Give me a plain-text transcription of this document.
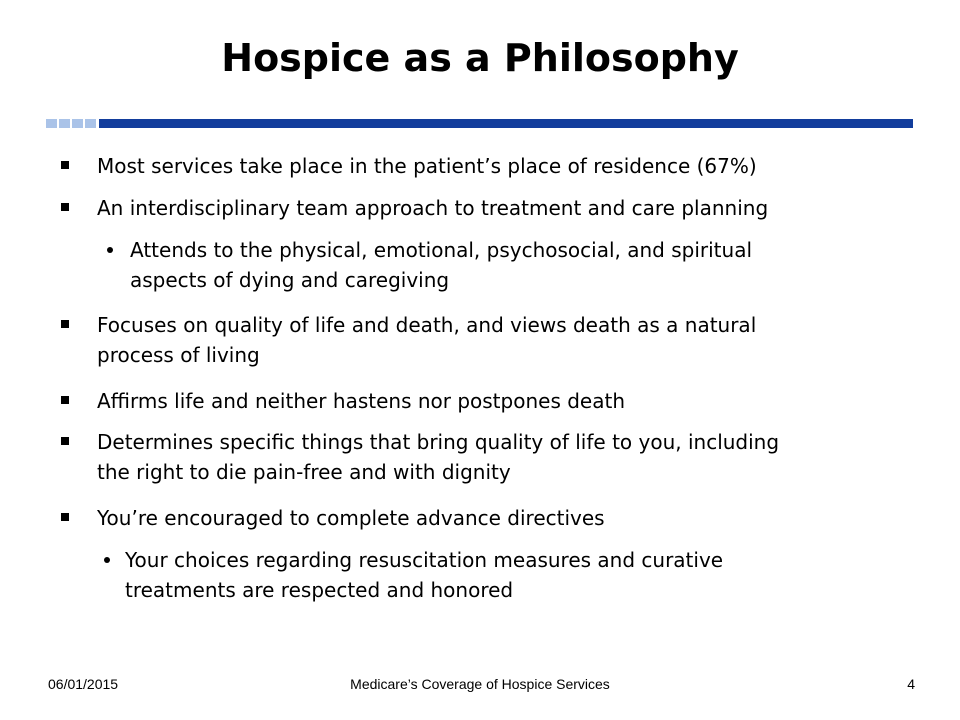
Hospice as a Philosophy
Most services take place in the patient’s place of residence (67%)
An interdisciplinary team approach to treatment and care planning
Attends to the physical, emotional, psychosocial, and spiritual
aspects of dying and caregiving
Focuses on quality of life and death, and views death as a natural
process of living
Affirms life and neither hastens nor postpones death
Determines specific things that bring quality of life to you, including
the right to die pain-free and with dignity
You’re encouraged to complete advance directives
Your choices regarding resuscitation measures and curative
treatments are respected and honored
06/01/2015	Medicare’s Coverage of Hospice Services	4
